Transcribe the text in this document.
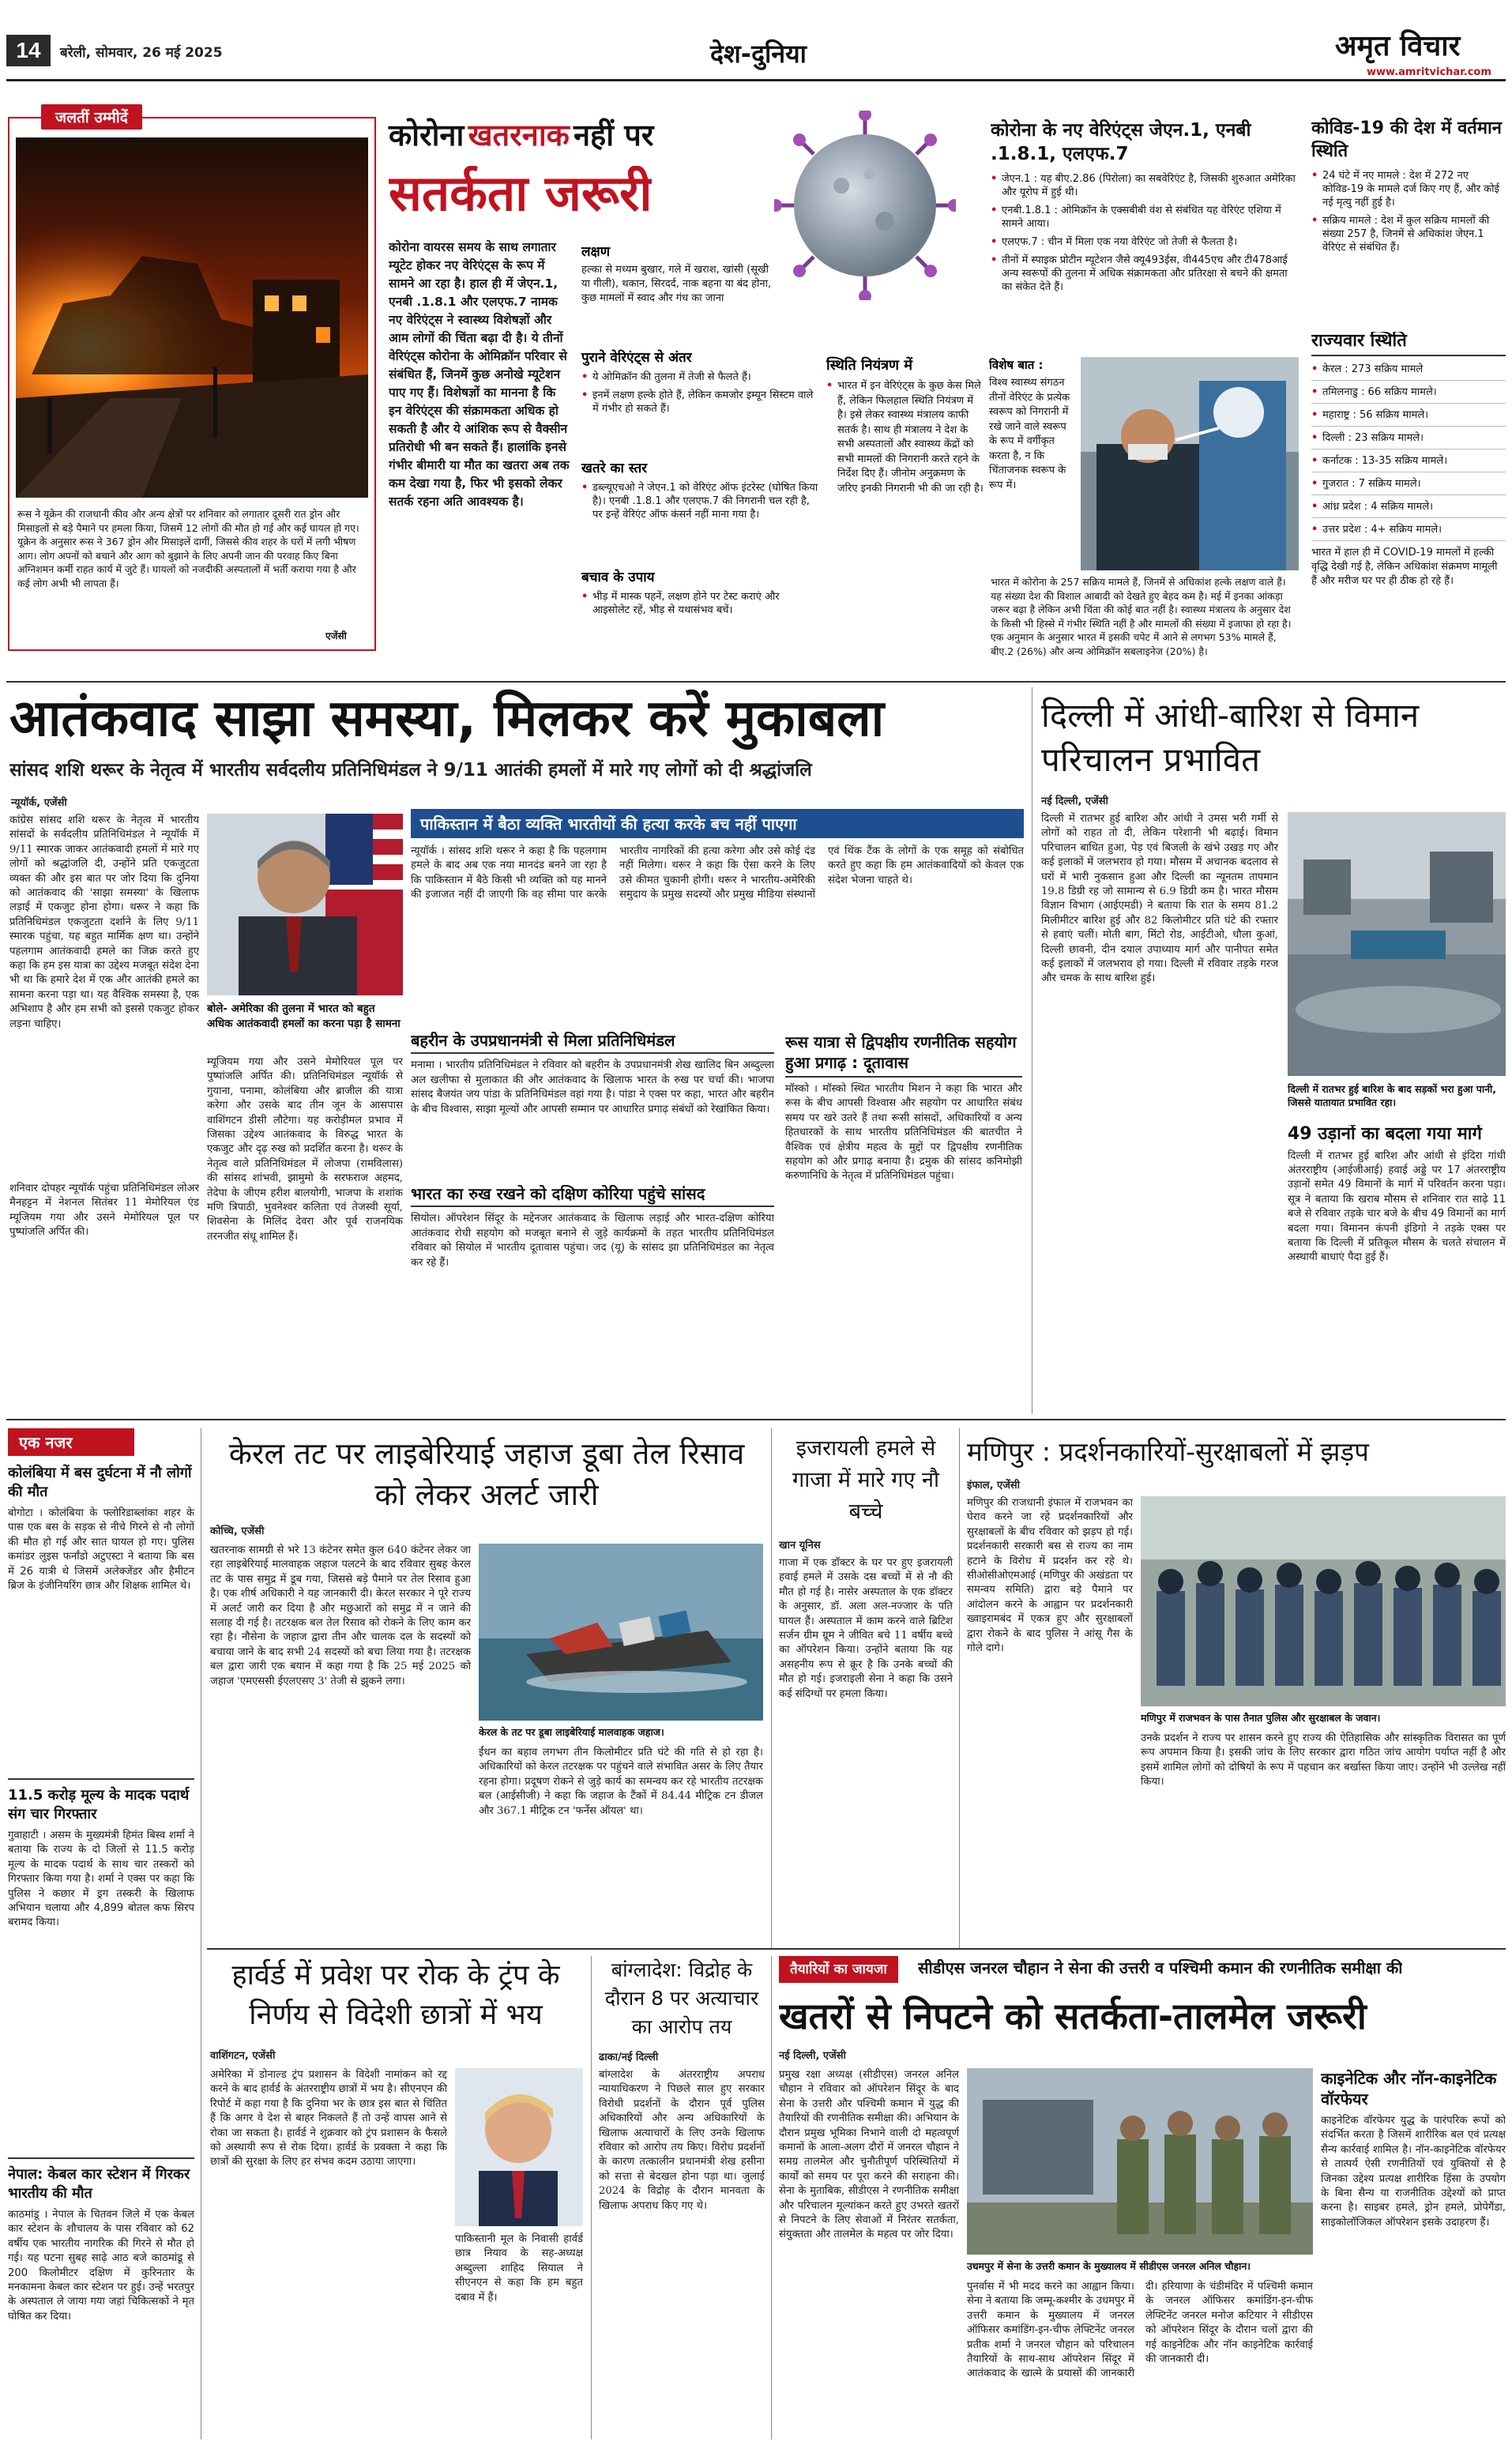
14	बरेली, सोमवार, 26 मई 2025	देश-दुनिया	अमृत विचार
www.amritvichar.com
जलतीं उम्मीदें
रूस ने यूक्रेन की राजधानी कीव और अन्य क्षेत्रों पर शनिवार को लगातार दूसरी रात ड्रोन और मिसाइलों से बड़े पैमाने पर हमला किया, जिसमें 12 लोगों की मौत हो गई और कई घायल हो गए। यूक्रेन के अनुसार रूस ने 367 ड्रोन और मिसाइलें दागीं, जिससे कीव शहर के घरों में लगी भीषण आग। लोग अपनों को बचाने और आग को बुझाने के लिए अपनी जान की परवाह किए बिना अग्निशमन कर्मी राहत कार्य में जुटे हैं। घायलों को नजदीकी अस्पतालों में भर्ती कराया गया है और कई लोग अभी भी लापता हैं।
एजेंसी
कोरोना खतरनाक नहीं पर
सतर्कता जरूरी
कोरोना वायरस समय के साथ लगातार म्यूटेट होकर नए वेरिएंट्स के रूप में सामने आ रहा है। हाल ही में जेएन.1, एनबी .1.8.1 और एलएफ.7 नामक नए वेरिएंट्स ने स्वास्थ्य विशेषज्ञों और आम लोगों की चिंता बढ़ा दी है। ये तीनों वेरिएंट्स कोरोना के ओमिक्रॉन परिवार से संबंधित हैं, जिनमें कुछ अनोखे म्यूटेशन पाए गए हैं। विशेषज्ञों का मानना है कि इन वेरिएंट्स की संक्रामकता अधिक हो सकती है और ये आंशिक रूप से वैक्सीन प्रतिरोधी भी बन सकते हैं। हालांकि इनसे गंभीर बीमारी या मौत का खतरा अब तक कम देखा गया है, फिर भी इसको लेकर सतर्क रहना अति आवश्यक है।
लक्षण
हल्का से मध्यम बुखार, गले में खराश, खांसी (सूखी या गीली), थकान, सिरदर्द, नाक बहना या बंद होना, कुछ मामलों में स्वाद और गंध का जाना
पुराने वेरिएंट्स से अंतर
• ये ओमिक्रॉन की तुलना में तेजी से फैलते हैं।
• इनमें लक्षण हल्के होते हैं, लेकिन कमजोर इम्यून सिस्टम वाले में गंभीर हो सकते हैं।
खतरे का स्तर
• डब्ल्यूएचओ ने जेएन.1 को वेरिएंट ऑफ इंटरेस्ट (घोषित किया है)। एनबी .1.8.1 और एलएफ.7 की निगरानी चल रही है, पर इन्हें वेरिएंट ऑफ कंसर्न नहीं माना गया है।
बचाव के उपाय
• भीड़ में मास्क पहनें, लक्षण होने पर टेस्ट कराएं और आइसोलेट रहें, भीड़ से यथासंभव बचें।
स्थिति नियंत्रण में
• भारत में इन वेरिएंट्स के कुछ केस मिले हैं, लेकिन फिलहाल स्थिति नियंत्रण में है। इसे लेकर स्वास्थ्य मंत्रालय काफी सतर्क है। साथ ही मंत्रालय ने देश के सभी अस्पतालों और स्वास्थ्य केंद्रों को सभी मामलों की निगरानी करते रहने के निर्देश दिए हैं। जीनोम अनुक्रमण के जरिए इनकी निगरानी भी की जा रही है।
विशेष बात :
विश्व स्वास्थ्य संगठन तीनों वेरिएंट के प्रत्येक स्वरूप को निगरानी में रखे जाने वाले स्वरूप के रूप में वर्गीकृत करता है, न कि चिंताजनक स्वरूप के रूप में।
कोरोना के नए वेरिएंट्स जेएन.1, एनबी .1.8.1, एलएफ.7
• जेएन.1 : यह बीए.2.86 (पिरोला) का सबवेरिएंट है, जिसकी शुरुआत अमेरिका और यूरोप में हुई थी।
• एनबी.1.8.1 : ओमिक्रॉन के एक्सबीबी वंश से संबंधित यह वेरिएंट एशिया में सामने आया।
• एलएफ.7 : चीन में मिला एक नया वेरिएंट जो तेजी से फैलता है।
• तीनों में स्पाइक प्रोटीन म्यूटेशन जैसे क्यू493ईस, वी445एच और टी478आई अन्य स्वरूपों की तुलना में अधिक संक्रामकता और प्रतिरक्षा से बचने की क्षमता का संकेत देते हैं।
भारत में कोरोना के 257 सक्रिय मामले हैं, जिनमें से अधिकांश हल्के लक्षण वाले हैं। यह संख्या देश की विशाल आबादी को देखते हुए बेहद कम है। मई में इनका आंकड़ा जरूर बढ़ा है लेकिन अभी चिंता की कोई बात नहीं है। स्वास्थ्य मंत्रालय के अनुसार देश के किसी भी हिस्से में गंभीर स्थिति नहीं है और मामलों की संख्या में इजाफा हो रहा है। एक अनुमान के अनुसार भारत में इसकी चपेट में आने से लगभग 53% मामले हैं, बीए.2 (26%) और अन्य ओमिक्रॉन सबलाइनेज (20%) है।
कोविड-19 की देश में वर्तमान स्थिति
• 24 घंटे में नए मामले : देश में 272 नए कोविड-19 के मामले दर्ज किए गए हैं, और कोई नई मृत्यु नहीं हुई है।
• सक्रिय मामले : देश में कुल सक्रिय मामलों की संख्या 257 है, जिनमें से अधिकांश जेएन.1 वेरिएंट से संबंधित हैं।
राज्यवार स्थिति
• केरल : 273 सक्रिय मामले
• तमिलनाडु : 66 सक्रिय मामले।
• महाराष्ट्र : 56 सक्रिय मामले।
• दिल्ली : 23 सक्रिय मामले।
• कर्नाटक : 13-35 सक्रिय मामले।
• गुजरात : 7 सक्रिय मामले।
• आंध्र प्रदेश : 4 सक्रिय मामले।
• उत्तर प्रदेश : 4+ सक्रिय मामले।
भारत में हाल ही में COVID-19 मामलों में हल्की वृद्धि देखी गई है, लेकिन अधिकांश संक्रमण मामूली हैं और मरीज घर पर ही ठीक हो रहे हैं।
आतंकवाद साझा समस्या, मिलकर करें मुकाबला
सांसद शशि थरूर के नेतृत्व में भारतीय सर्वदलीय प्रतिनिधिमंडल ने 9/11 आतंकी हमलों में मारे गए लोगों को दी श्रद्धांजलि
न्यूयॉर्क, एजेंसी
कांग्रेस सांसद शशि थरूर के नेतृत्व में भारतीय सांसदों के सर्वदलीय प्रतिनिधिमंडल ने न्यूयॉर्क में 9/11 स्मारक जाकर आतंकवादी हमलों में मारे गए लोगों को श्रद्धांजलि दी, उन्होंने प्रति एकजुटता व्यक्त की और इस बात पर जोर दिया कि दुनिया को आतंकवाद की 'साझा समस्या' के खिलाफ लड़ाई में एकजुट होना होगा। थरूर ने कहा कि प्रतिनिधिमंडल एकजुटता दर्शाने के लिए 9/11 स्मारक पहुंचा, यह बहुत मार्मिक क्षण था। उन्होंने पहलगाम आतंकवादी हमले का जिक्र करते हुए कहा कि हम इस यात्रा का उद्देश्य मजबूत संदेश देना भी था कि हमारे देश में एक और आतंकी हमले का सामना करना पड़ा था। यह वैश्विक समस्या है, एक अभिशाप है और हम सभी को इससे एकजुट होकर लड़ना चाहिए।
शनिवार दोपहर न्यूयॉर्क पहुंचा प्रतिनिधिमंडल लोअर मैनहट्टन में नेशनल सितंबर 11 मेमोरियल एंड म्यूजियम गया और उसने मेमोरियल पूल पर पुष्पांजलि अर्पित की।
बोले- अमेरिका की तुलना में भारत को बहुत अधिक आतंकवादी हमलों का करना पड़ा है सामना
म्यूजियम गया और उसने मेमोरियल पूल पर पुष्पांजलि अर्पित की। प्रतिनिधिमंडल न्यूयॉर्क से गुयाना, पनामा, कोलंबिया और ब्राजील की यात्रा करेगा और उसके बाद तीन जून के आसपास वाशिंगटन डीसी लौटेगा। यह करोड़ीमल प्रभाव में जिसका उद्देश्य आतंकवाद के विरुद्ध भारत के एकजुट और दृढ़ रुख को प्रदर्शित करना है। थरूर के नेतृत्व वाले प्रतिनिधिमंडल में लोजपा (रामविलास) की सांसद शांभवी, झामुमो के सरफराज अहमद, तेदेपा के जीएम हरीश बालयोगी, भाजपा के शशांक मणि त्रिपाठी, भुवनेश्वर कलिता एवं तेजस्वी सूर्या, शिवसेना के मिलिंद देवरा और पूर्व राजनयिक तरनजीत संधू शामिल हैं।
पाकिस्तान में बैठा व्यक्ति भारतीयों की हत्या करके बच नहीं पाएगा
न्यूयॉर्क । सांसद शशि थरूर ने कहा है कि पहलगाम हमले के बाद अब एक नया मानदंड बनने जा रहा है कि पाकिस्तान में बैठे किसी भी व्यक्ति को यह मानने की इजाजत नहीं दी जाएगी कि वह सीमा पार करके भारतीय नागरिकों की हत्या करेगा और उसे कोई दंड नहीं मिलेगा। थरूर ने कहा कि ऐसा करने के लिए उसे कीमत चुकानी होगी। थरूर ने भारतीय-अमेरिकी समुदाय के प्रमुख सदस्यों और प्रमुख मीडिया संस्थानों एवं थिंक टैंक के लोगों के एक समूह को संबोधित करते हुए कहा कि हम आतंकवादियों को केवल एक संदेश भेजना चाहते थे।
बहरीन के उपप्रधानमंत्री से मिला प्रतिनिधिमंडल
मनामा । भारतीय प्रतिनिधिमंडल ने रविवार को बहरीन के उपप्रधानमंत्री शेख खालिद बिन अब्दुल्ला अल खलीफा से मुलाकात की और आतंकवाद के खिलाफ भारत के रुख पर चर्चा की। भाजपा सांसद बैजयंत जय पांडा के प्रतिनिधिमंडल वहां गया है। पांडा ने एक्स पर कहा, भारत और बहरीन के बीच विश्वास, साझा मूल्यों और आपसी सम्मान पर आधारित प्रगाढ़ संबंधों को रेखांकित किया।
भारत का रुख रखने को दक्षिण कोरिया पहुंचे सांसद
सियोल। ऑपरेशन सिंदूर के मद्देनजर आतंकवाद के खिलाफ लड़ाई और भारत-दक्षिण कोरिया आतंकवाद रोधी सहयोग को मजबूत बनाने से जुड़े कार्यक्रमों के तहत भारतीय प्रतिनिधिमंडल रविवार को सियोल में भारतीय दूतावास पहुंचा। जद (यू) के सांसद झा प्रतिनिधिमंडल का नेतृत्व कर रहे हैं।
रूस यात्रा से द्विपक्षीय रणनीतिक सहयोग हुआ प्रगाढ़ : दूतावास
मॉस्को । मॉस्को स्थित भारतीय मिशन ने कहा कि भारत और रूस के बीच आपसी विश्वास और सहयोग पर आधारित संबंध समय पर खरे उतरे हैं तथा रूसी सांसदों, अधिकारियों व अन्य हितधारकों के साथ भारतीय प्रतिनिधिमंडल की बातचीत ने वैश्विक एवं क्षेत्रीय महत्व के मुद्दों पर द्विपक्षीय रणनीतिक सहयोग को और प्रगाढ़ बनाया है। द्रमुक की सांसद कनिमोझी करुणानिधि के नेतृत्व में प्रतिनिधिमंडल पहुंचा।
दिल्ली में आंधी-बारिश से विमान परिचालन प्रभावित
नई दिल्ली, एजेंसी
दिल्ली में रातभर हुई बारिश और आंधी ने उमस भरी गर्मी से लोगों को राहत तो दी, लेकिन परेशानी भी बढ़ाई। विमान परिचालन बाधित हुआ, पेड़ एवं बिजली के खंभे उखड़ गए और कई इलाकों में जलभराव हो गया। मौसम में अचानक बदलाव से घरों में भारी नुकसान हुआ और दिल्ली का न्यूनतम तापमान 19.8 डिग्री रह जो सामान्य से 6.9 डिग्री कम है। भारत मौसम विज्ञान विभाग (आईएमडी) ने बताया कि रात के समय 81.2 मिलीमीटर बारिश हुई और 82 किलोमीटर प्रति घंटे की रफ्तार से हवाएं चलीं। मोती बाग, मिंटो रोड, आईटीओ, धौला कुआं, दिल्ली छावनी, दीन दयाल उपाध्याय मार्ग और पानीपत समेत कई इलाकों में जलभराव हो गया। दिल्ली में रविवार तड़के गरज और चमक के साथ बारिश हुई।
दिल्ली में रातभर हुई बारिश के बाद सड़कों भरा हुआ पानी, जिससे यातायात प्रभावित रहा।
49 उड़ानों का बदला गया मार्ग
दिल्ली में रातभर हुई बारिश और आंधी से इंदिरा गांधी अंतरराष्ट्रीय (आईजीआई) हवाई अड्डे पर 17 अंतरराष्ट्रीय उड़ानों समेत 49 विमानों के मार्ग में परिवर्तन करना पड़ा। सूत्र ने बताया कि खराब मौसम से शनिवार रात साढ़े 11 बजे से रविवार तड़के चार बजे के बीच 49 विमानों का मार्ग बदला गया। विमानन कंपनी इंडिगो ने तड़के एक्स पर बताया कि दिल्ली में प्रतिकूल मौसम के चलते संचालन में अस्थायी बाधाएं पैदा हुई हैं।
एक नजर
कोलंबिया में बस दुर्घटना में नौ लोगों की मौत
बोगोटा । कोलंबिया के फ्लोरिडाब्लांका शहर के पास एक बस के सड़क से नीचे गिरने से नौ लोगों की मौत हो गई और सात घायल हो गए। पुलिस कमांडर लुइस फर्नांडो अटुएस्टा ने बताया कि बस में 26 यात्री थे जिसमें अलेक्जेंडर और हैमीटन ब्रिज के इंजीनियरिंग छात्र और शिक्षक शामिल थे।
11.5 करोड़ मूल्य के मादक पदार्थ संग चार गिरफ्तार
गुवाहाटी । असम के मुख्यमंत्री हिमंत बिस्व शर्मा ने बताया कि राज्य के दो जिलों से 11.5 करोड़ मूल्य के मादक पदार्थ के साथ चार तस्करों को गिरफ्तार किया गया है। शर्मा ने एक्स पर कहा कि पुलिस ने कछार में ड्रग तस्करी के खिलाफ अभियान चलाया और 4,899 बोतल कफ सिरप बरामद किया।
नेपाल: केबल कार स्टेशन में गिरकर भारतीय की मौत
काठमांडू । नेपाल के चितवन जिले में एक केबल कार स्टेशन के शौचालय के पास रविवार को 62 वर्षीय एक भारतीय नागरिक की गिरने से मौत हो गई। यह घटना सुबह साढ़े आठ बजे काठमांडू से 200 किलोमीटर दक्षिण में कुरिनतार के मनकामना केबल कार स्टेशन पर हुई। उन्हें भरतपुर के अस्पताल ले जाया गया जहां चिकित्सकों ने मृत घोषित कर दिया।
केरल तट पर लाइबेरियाई जहाज डूबा तेल रिसाव को लेकर अलर्ट जारी
कोच्चि, एजेंसी
खतरनाक सामग्री से भरे 13 कंटेनर समेत कुल 640 कंटेनर लेकर जा रहा लाइबेरियाई मालवाहक जहाज पलटने के बाद रविवार सुबह केरल तट के पास समुद्र में डूब गया, जिससे बड़े पैमाने पर तेल रिसाव हुआ है। एक शीर्ष अधिकारी ने यह जानकारी दी। केरल सरकार ने पूरे राज्य में अलर्ट जारी कर दिया है और मछुआरों को समुद्र में न जाने की सलाह दी गई है। तटरक्षक बल तेल रिसाव को रोकने के लिए काम कर रहा है। नौसेना के जहाज द्वारा तीन और चालक दल के सदस्यों को बचाया जाने के बाद सभी 24 सदस्यों को बचा लिया गया है। तटरक्षक बल द्वारा जारी एक बयान में कहा गया है कि 25 मई 2025 को जहाज 'एमएससी ईएलएसए 3' तेजी से झुकने लगा।
केरल के तट पर डूबा लाइबेरियाई मालवाहक जहाज।
ईंधन का बहाव लगभग तीन किलोमीटर प्रति घंटे की गति से हो रहा है। अधिकारियों को केरल तटरक्षक पर पहुंचने वाले संभावित असर के लिए तैयार रहना होगा। प्रदूषण रोकने से जुड़े कार्य का समन्वय कर रहे भारतीय तटरक्षक बल (आईसीजी) ने कहा कि जहाज के टैंकों में 84.44 मीट्रिक टन डीजल और 367.1 मीट्रिक टन 'फर्नेस ऑयल' था।
इजरायली हमले से गाजा में मारे गए नौ बच्चे
खान यूनिस
गाजा में एक डॉक्टर के घर पर हुए इजरायली हवाई हमले में उसके दस बच्चों में से नौ की मौत हो गई है। नासेर अस्पताल के एक डॉक्टर के अनुसार, डॉ. अला अल-नज्जार के पति घायल हैं। अस्पताल में काम करने वाले ब्रिटिश सर्जन ग्रीम ग्रूम ने जीवित बचे 11 वर्षीय बच्चे का ऑपरेशन किया। उन्होंने बताया कि यह असहनीय रूप से क्रूर है कि उनके बच्चों की मौत हो गई। इजराइली सेना ने कहा कि उसने कई संदिग्धों पर हमला किया।
मणिपुर : प्रदर्शनकारियों-सुरक्षाबलों में झड़प
इंफाल, एजेंसी
मणिपुर की राजधानी इंफाल में राजभवन का घेराव करने जा रहे प्रदर्शनकारियों और सुरक्षाबलों के बीच रविवार को झड़प हो गई। प्रदर्शनकारी सरकारी बस से राज्य का नाम हटाने के विरोध में प्रदर्शन कर रहे थे। सीओसीओएमआई (मणिपुर की अखंडता पर समन्वय समिति) द्वारा बड़े पैमाने पर आंदोलन करने के आह्वान पर प्रदर्शनकारी ख्वाइरामबंद में एकत्र हुए और सुरक्षाबलों द्वारा रोकने के बाद पुलिस ने आंसू गैस के गोले दागे।
मणिपुर में राजभवन के पास तैनात पुलिस और सुरक्षाबल के जवान।
उनके प्रदर्शन ने राज्य पर शासन करने हुए राज्य की ऐतिहासिक और सांस्कृतिक विरासत का पूर्ण रूप अपमान किया है। इसकी जांच के लिए सरकार द्वारा गठित जांच आयोग पर्याप्त नहीं है और इसमें शामिल लोगों को दोषियों के रूप में पहचान कर बर्खास्त किया जाए। उन्होंने भी उल्लेख नहीं किया।
हार्वर्ड में प्रवेश पर रोक के ट्रंप के निर्णय से विदेशी छात्रों में भय
वाशिंगटन, एजेंसी
अमेरिका में डोनाल्ड ट्रंप प्रशासन के विदेशी नामांकन को रद्द करने के बाद हार्वर्ड के अंतरराष्ट्रीय छात्रों में भय है। सीएनएन की रिपोर्ट में कहा गया है कि दुनिया भर के छात्र इस बात से चिंतित हैं कि अगर वे देश से बाहर निकलते हैं तो उन्हें वापस आने से रोका जा सकता है। हार्वर्ड ने शुक्रवार को ट्रंप प्रशासन के फैसले को अस्थायी रूप से रोक दिया। हार्वर्ड के प्रवक्ता ने कहा कि छात्रों की सुरक्षा के लिए हर संभव कदम उठाया जाएगा।
पाकिस्तानी मूल के निवासी हार्वर्ड छात्र नियाव के सह-अध्यक्ष अब्दुल्ला शाहिद सियाल ने सीएनएन से कहा कि हम बहुत दबाव में हैं।
बांग्लादेश: विद्रोह के दौरान 8 पर अत्याचार का आरोप तय
ढाका/नई दिल्ली
बांग्लादेश के अंतरराष्ट्रीय अपराध न्यायाधिकरण ने पिछले साल हुए सरकार विरोधी प्रदर्शनों के दौरान पूर्व पुलिस अधिकारियों और अन्य अधिकारियों के खिलाफ अत्याचारों के लिए उनके खिलाफ रविवार को आरोप तय किए। विरोध प्रदर्शनों के कारण तत्कालीन प्रधानमंत्री शेख हसीना को सत्ता से बेदखल होना पड़ा था। जुलाई 2024 के विद्रोह के दौरान मानवता के खिलाफ अपराध किए गए थे।
तैयारियों का जायजा	सीडीएस जनरल चौहान ने सेना की उत्तरी व पश्चिमी कमान की रणनीतिक समीक्षा की
खतरों से निपटने को सतर्कता-तालमेल जरूरी
नई दिल्ली, एजेंसी
प्रमुख रक्षा अध्यक्ष (सीडीएस) जनरल अनिल चौहान ने रविवार को ऑपरेशन सिंदूर के बाद सेना के उत्तरी और पश्चिमी कमान में युद्ध की तैयारियों की रणनीतिक समीक्षा की। अभियान के दौरान प्रमुख भूमिका निभाने वाली दो महत्वपूर्ण कमानों के आला-अलग दौरों में जनरल चौहान ने समग्र तालमेल और चुनौतीपूर्ण परिस्थितियों में कार्यों को समय पर पूरा करने की सराहना की। सेना के मुताबिक, सीडीएस ने रणनीतिक समीक्षा और परिचालन मूल्यांकन करते हुए उभरते खतरों से निपटने के लिए सेवाओं में निरंतर सतर्कता, संयुक्तता और तालमेल के महत्व पर जोर दिया।
उधमपुर में सेना के उत्तरी कमान के मुख्यालय में सीडीएस जनरल अनिल चौहान।
पुनर्वास में भी मदद करने का आह्वान किया। सेना ने बताया कि जम्मू-कश्मीर के उधमपुर में उत्तरी कमान के मुख्यालय में जनरल ऑफिसर कमांडिंग-इन-चीफ लेफ्टिनेंट जनरल प्रतीक शर्मा ने जनरल चौहान को परिचालन तैयारियों के साथ-साथ ऑपरेशन सिंदूर में आतंकवाद के खात्मे के प्रयासों की जानकारी दी। हरियाणा के चंडीमंदिर में पश्चिमी कमान के जनरल ऑफिसर कमांडिंग-इन-चीफ लेफ्टिनेंट जनरल मनोज कटियार ने सीडीएस को ऑपरेशन सिंदूर के दौरान चलों द्वारा की गई काइनेटिक और नॉन काइनेटिक कार्रवाई की जानकारी दी।
काइनेटिक और नॉन-काइनेटिक वॉरफेयर
काइनेटिक वॉरफेयर युद्ध के पारंपरिक रूपों को संदर्भित करता है जिसमें शारीरिक बल एवं प्रत्यक्ष सैन्य कार्रवाई शामिल है। नॉन-काइनेटिक वॉरफेयर से तात्पर्य ऐसी रणनीतियों एवं युक्तियों से है जिनका उद्देश्य प्रत्यक्ष शारीरिक हिंसा के उपयोग के बिना सैन्य या राजनीतिक उद्देश्यों को प्राप्त करना है। साइबर हमले, ड्रोन हमले, प्रोपेगैंडा, साइकोलॉजिकल ऑपरेशन इसके उदाहरण हैं।
